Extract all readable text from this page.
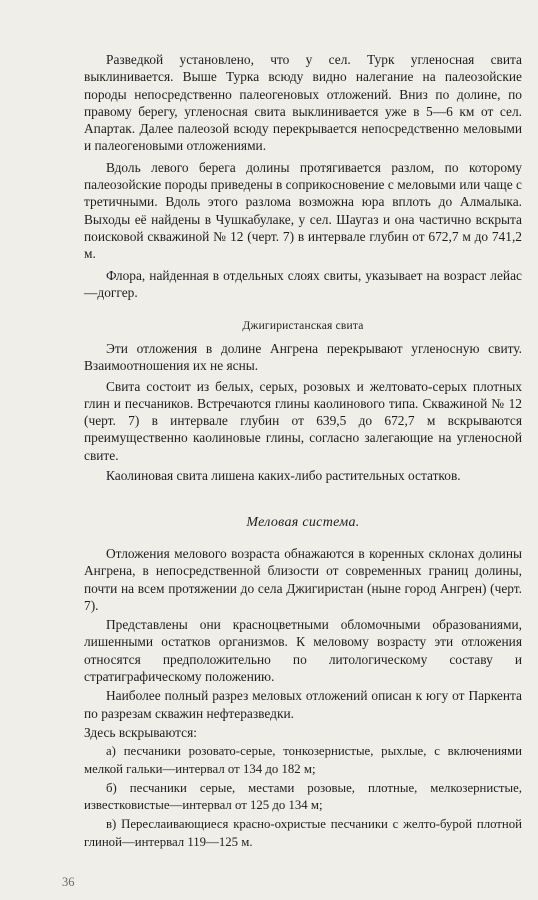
Разведкой установлено, что у сел. Турк угленосная свита выклинивается. Выше Турка всюду видно налегание на палеозойские породы непосредственно палеогеновых отложений. Вниз по долине, по правому берегу, угленосная свита выклинивается уже в 5—6 км от сел. Апартак. Далее палеозой всюду перекрывается непосредственно меловыми и палеогеновыми отложениями.

Вдоль левого берега долины протягивается разлом, по которому палеозойские породы приведены в соприкосновение с меловыми или чаще с третичными. Вдоль этого разлома возможна юра вплоть до Алмалыка. Выходы её найдены в Чушкабулаке, у сел. Шаугаз и она частично вскрыта поисковой скважиной № 12 (черт. 7) в интервале глубин от 672,7 м до 741,2 м.

Флора, найденная в отдельных слоях свиты, указывает на возраст лейас—доггер.

Джигиристанская свита

Эти отложения в долине Ангрена перекрывают угленосную свиту. Взаимоотношения их не ясны.

Свита состоит из белых, серых, розовых и желтовато-серых плотных глин и песчаников. Встречаются глины каолинового типа. Скважиной № 12 (черт. 7) в интервале глубин от 639,5 до 672,7 м вскрываются преимущественно каолиновые глины, согласно залегающие на угленосной свите.

Каолиновая свита лишена каких-либо растительных остатков.

Меловая система.

Отложения мелового возраста обнажаются в коренных склонах долины Ангрена, в непосредственной близости от современных границ долины, почти на всем протяжении до села Джигиристан (ныне город Ангрен) (черт. 7).

Представлены они красноцветными обломочными образованиями, лишенными остатков организмов. К меловому возрасту эти отложения относятся предположительно по литологическому составу и стратиграфическому положению.

Наиболее полный разрез меловых отложений описан к югу от Паркента по разрезам скважин нефтеразведки.

Здесь вскрываются:

а) песчаники розовато-серые, тонкозернистые, рыхлые, с включениями мелкой гальки—интервал от 134 до 182 м;

б) песчаники серые, местами розовые, плотные, мелкозернистые, известковистые—интервал от 125 до 134 м;

в) Переслаивающиеся красно-охристые песчаники с желто-бурой плотной глиной—интервал 119—125 м.

36
